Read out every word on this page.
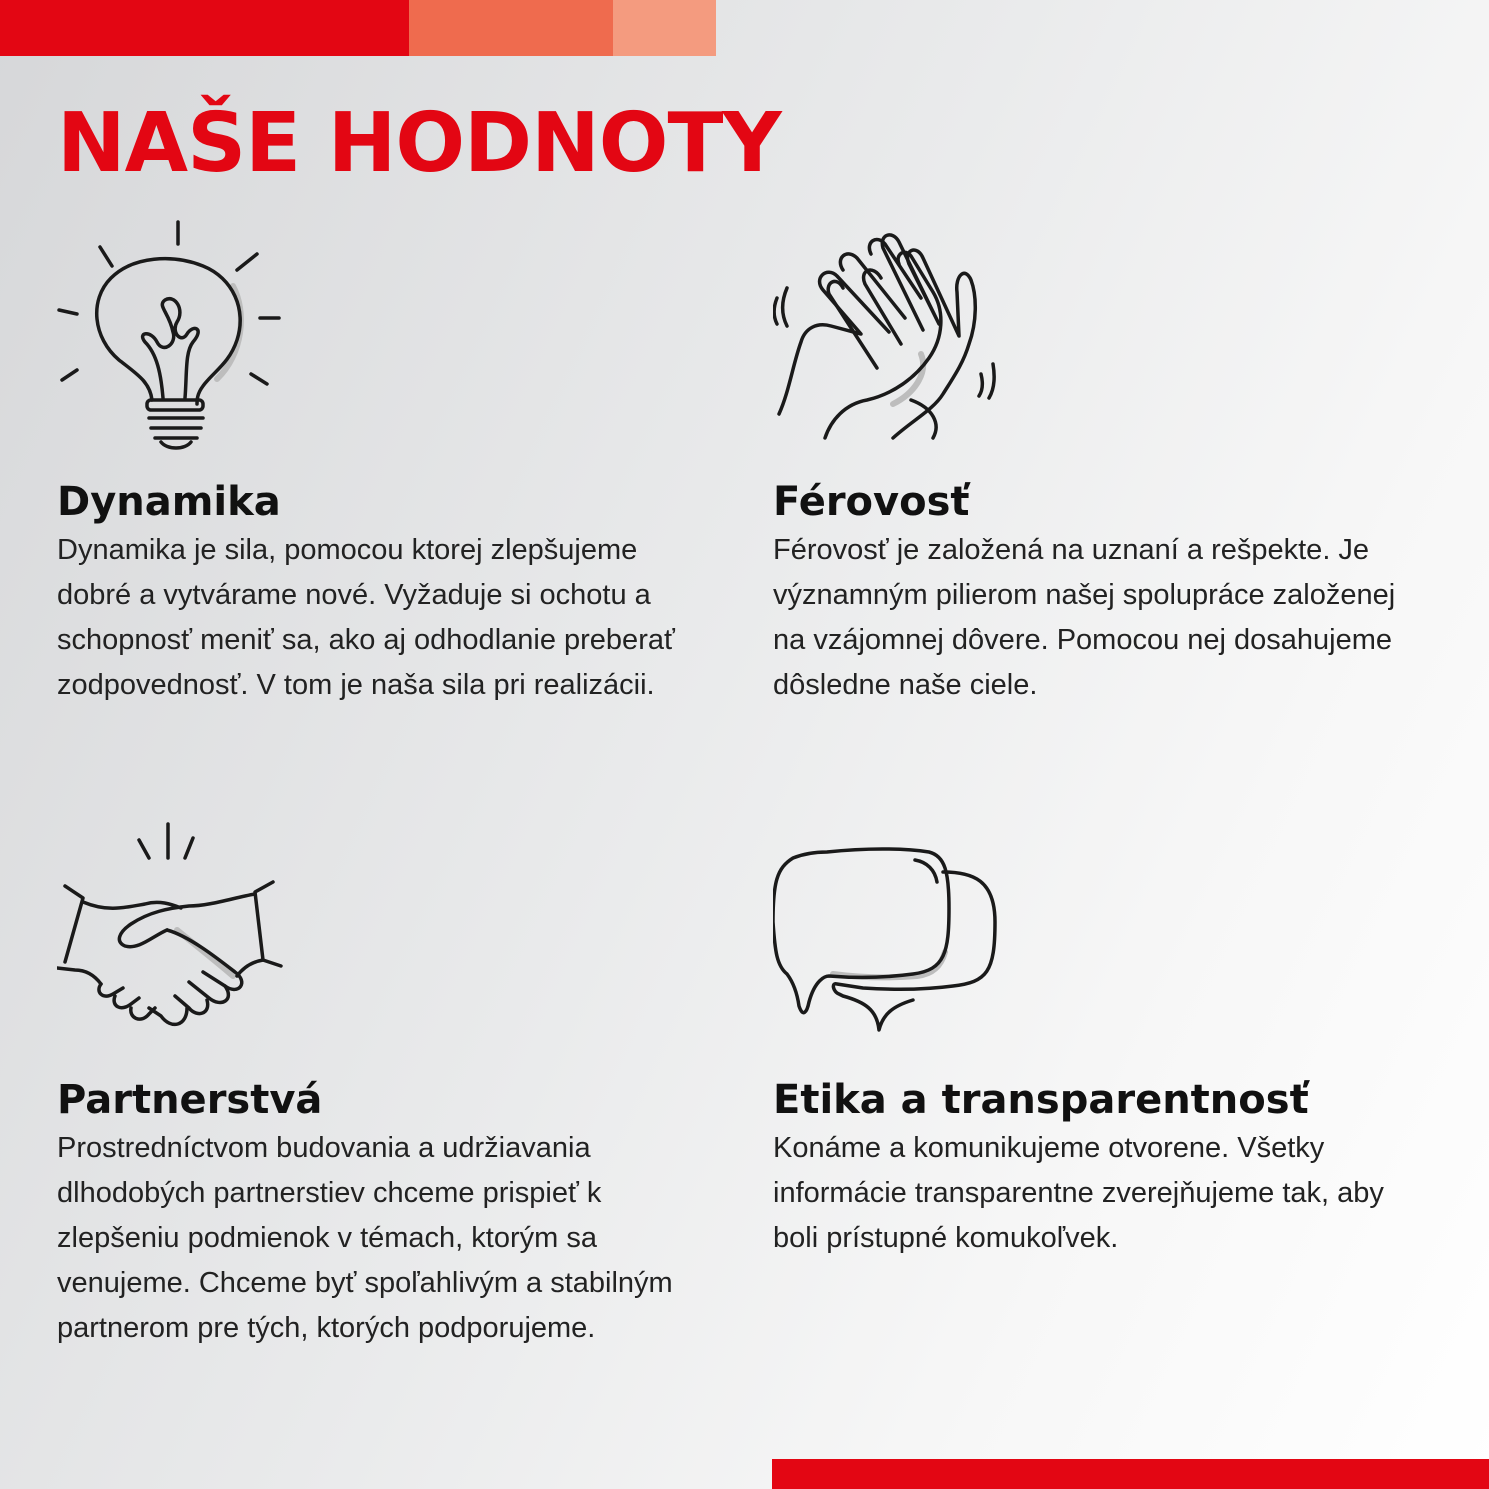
NAŠE HODNOTY
Dynamika

Dynamika je sila, pomocou ktorej zlepšujeme dobré a vytvárame nové. Vyžaduje si ochotu a schopnosť meniť sa, ako aj odhodlanie preberať zodpovednosť. V tom je naša sila pri realizácii.

Férovosť

Férovosť je založená na uznaní a rešpekte. Je významným pilierom našej spolupráce založenej na vzájomnej dôvere. Pomocou nej dosahujeme dôsledne naše ciele.

Partnerstvá

Prostredníctvom budovania a udržiavania dlhodobých partnerstiev chceme prispieť k zlepšeniu podmienok v témach, ktorým sa venujeme. Chceme byť spoľahlivým a stabilným partnerom pre tých, ktorých podporujeme.

Etika a transparentnosť

Konáme a komunikujeme otvorene. Všetky informácie transparentne zverejňujeme tak, aby boli prístupné komukoľvek.
